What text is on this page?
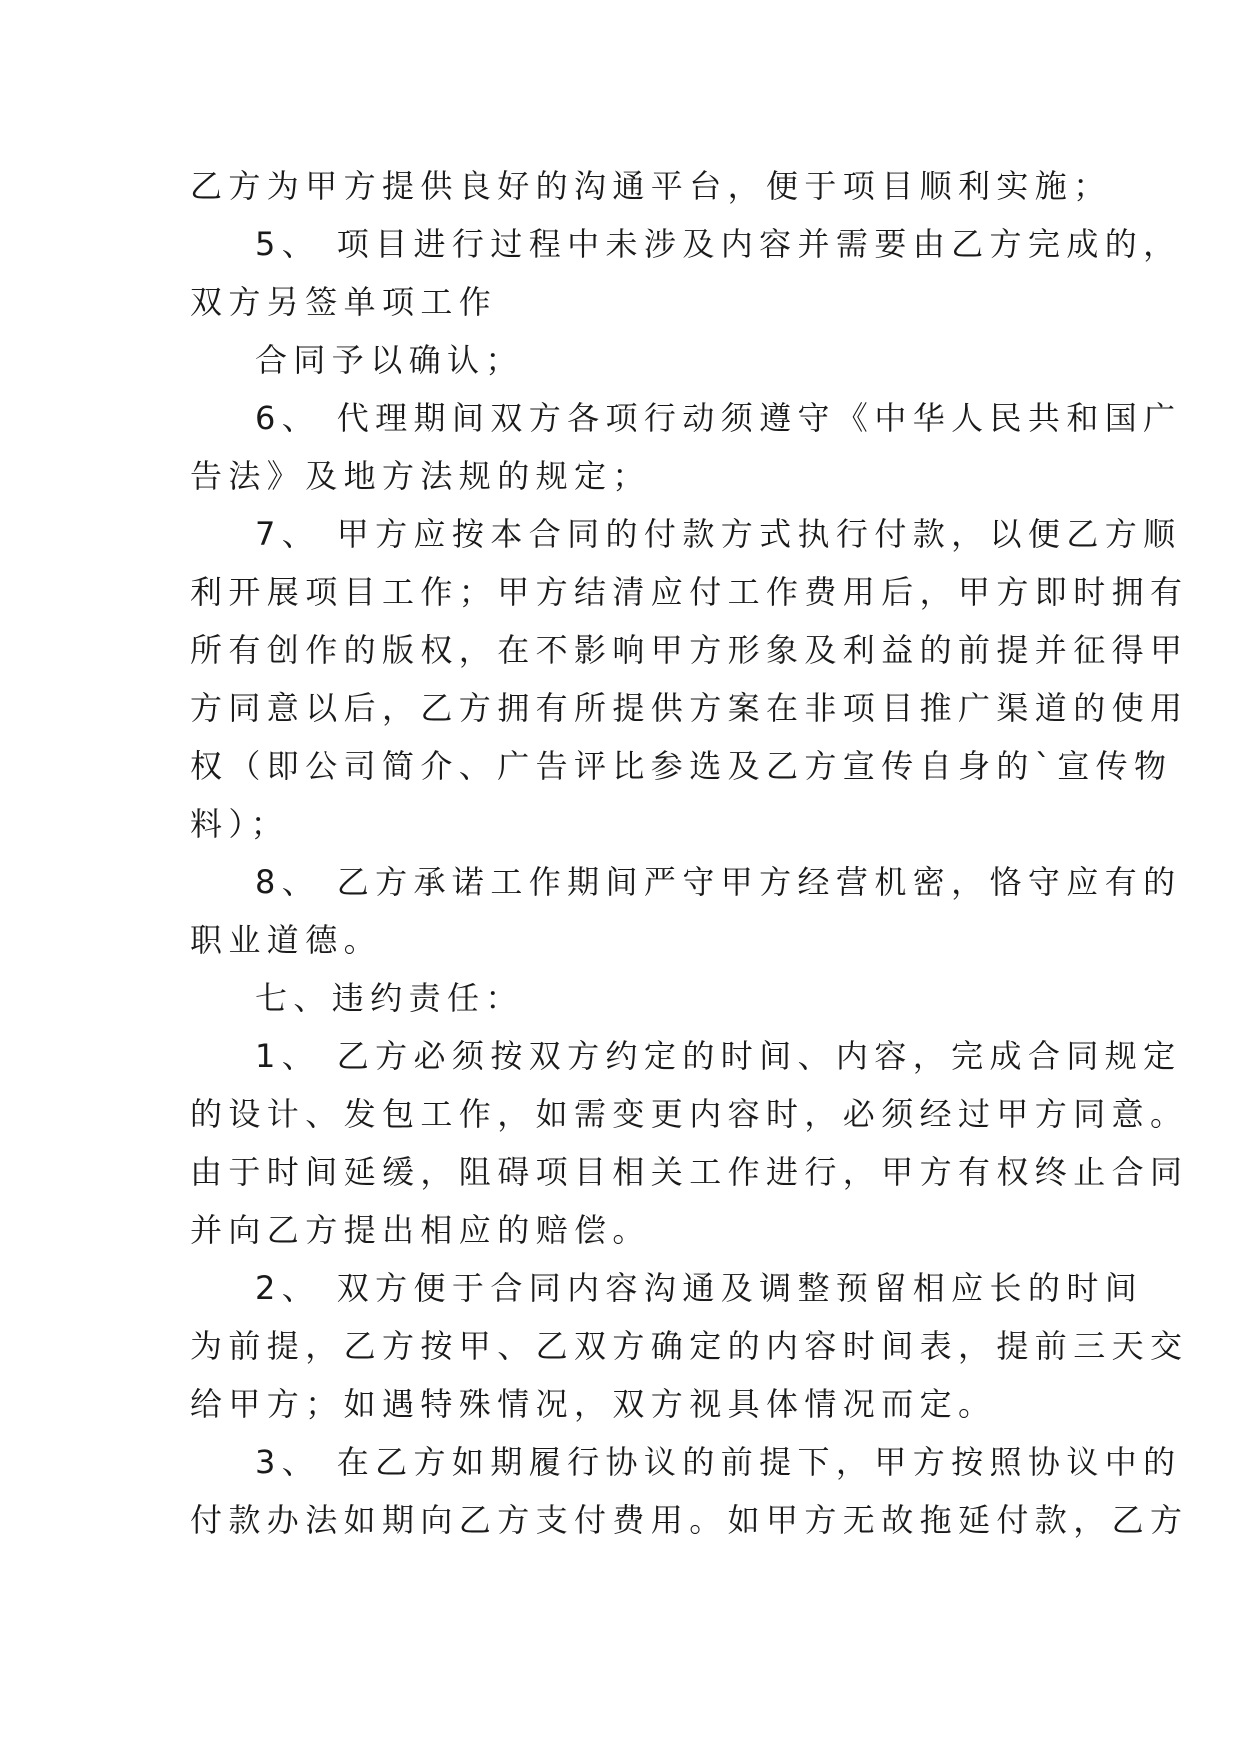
乙方为甲方提供良好的沟通平台，便于项目顺利实施；
5、 项目进行过程中未涉及内容并需要由乙方完成的，
双方另签单项工作
合同予以确认；
6、 代理期间双方各项行动须遵守《中华人民共和国广
告法》及地方法规的规定；
7、 甲方应按本合同的付款方式执行付款，以便乙方顺
利开展项目工作；甲方结清应付工作费用后，甲方即时拥有
所有创作的版权，在不影响甲方形象及利益的前提并征得甲
方同意以后，乙方拥有所提供方案在非项目推广渠道的使用
权（即公司简介、广告评比参选及乙方宣传自身的`宣传物
料）；
8、 乙方承诺工作期间严守甲方经营机密，恪守应有的
职业道德。
七、违约责任：
1、 乙方必须按双方约定的时间、内容，完成合同规定
的设计、发包工作，如需变更内容时，必须经过甲方同意。
由于时间延缓，阻碍项目相关工作进行，甲方有权终止合同
并向乙方提出相应的赔偿。
2、 双方便于合同内容沟通及调整预留相应长的时间
为前提，乙方按甲、乙双方确定的内容时间表，提前三天交
给甲方；如遇特殊情况，双方视具体情况而定。
3、 在乙方如期履行协议的前提下，甲方按照协议中的
付款办法如期向乙方支付费用。如甲方无故拖延付款，乙方
